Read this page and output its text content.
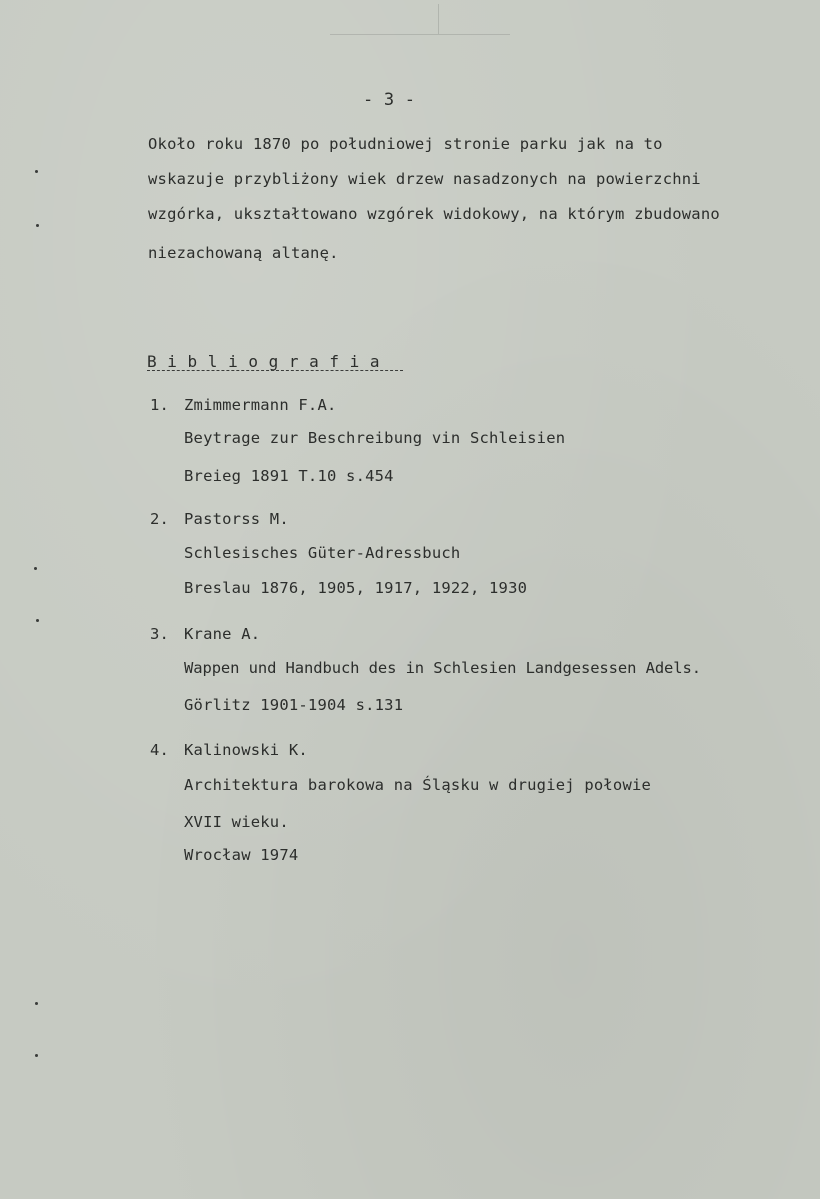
- 3 -
Około roku 1870 po południowej stronie parku jak na to
wskazuje przybliżony wiek drzew nasadzonych na powierzchni
wzgórka, ukształtowano wzgórek widokowy, na którym zbudowano
niezachowaną altanę.
B i b l i o g r a f i a
1. Zmimmermann F.A.
Beytrage zur Beschreibung vin Schleisien
Breieg 1891 T.10 s.454
2. Pastorss M.
Schlesisches Güter-Adressbuch
Breslau 1876, 1905, 1917, 1922, 1930
3. Krane A.
Wappen und Handbuch des in Schlesien Landgesessen Adels.
Görlitz 1901-1904 s.131
4. Kalinowski K.
Architektura barokowa na Śląsku w drugiej połowie
XVII wieku.
Wrocław 1974
